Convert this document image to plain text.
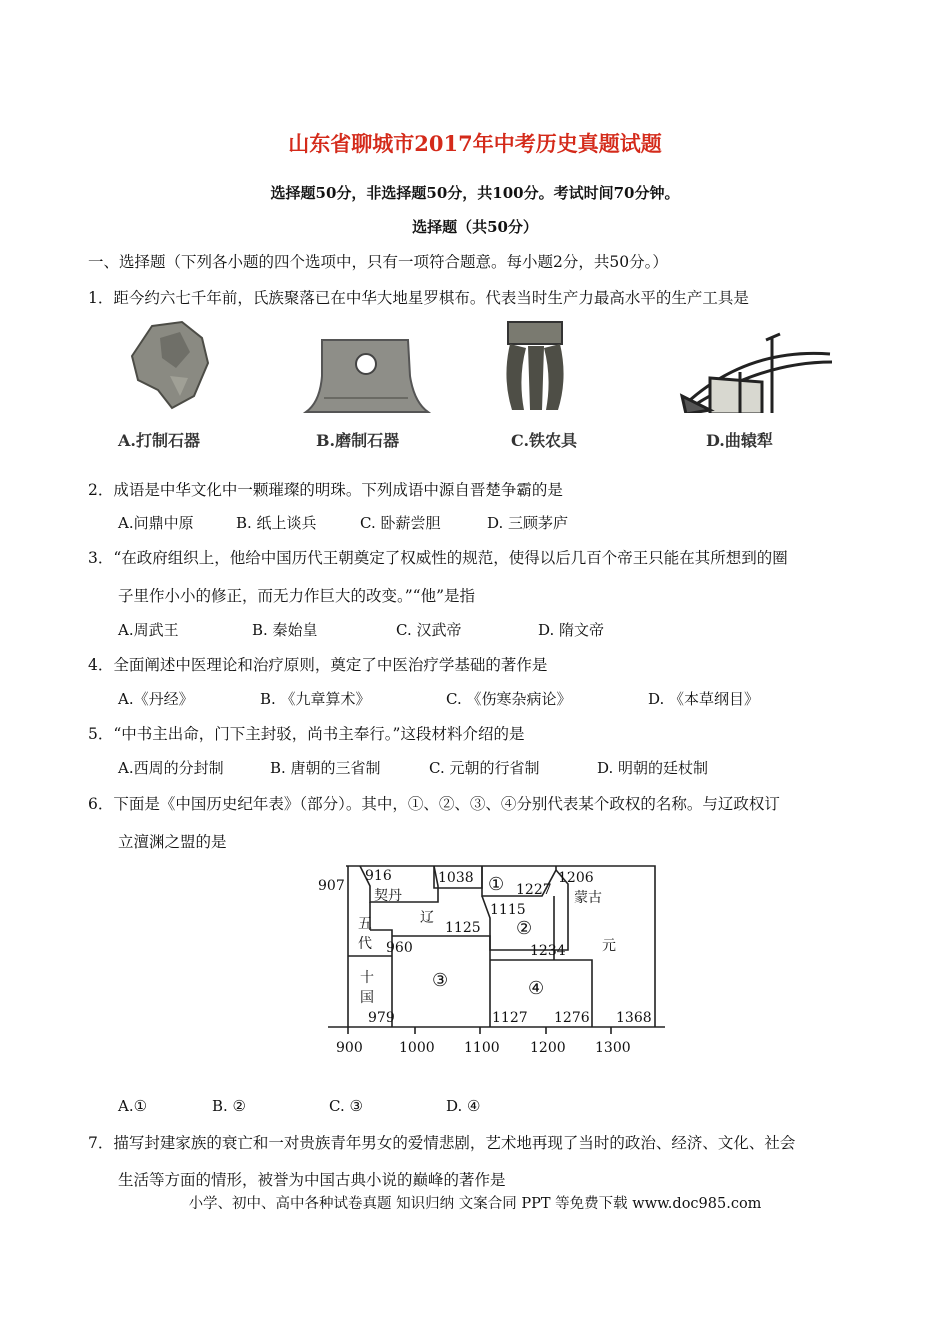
山东省聊城市2017年中考历史真题试题
选择题50分，非选择题50分，共100分。考试时间70分钟。
选择题（共50分）
一、选择题（下列各小题的四个选项中，只有一项符合题意。每小题2分，共50分。）
1．距今约六七千年前，氏族聚落已在中华大地星罗棋布。代表当时生产力最高水平的生产工具是
A.打制石器	B.磨制石器	C.铁农具	D.曲辕犁
2．成语是中华文化中一颗璀璨的明珠。下列成语中源自晋楚争霸的是
A.问鼎中原	B. 纸上谈兵	C. 卧薪尝胆	D. 三顾茅庐
3．“在政府组织上，他给中国历代王朝奠定了权威性的规范，使得以后几百个帝王只能在其所想到的圈
子里作小小的修正，而无力作巨大的改变。”“他”是指
A.周武王	B. 秦始皇	C. 汉武帝	D. 隋文帝
4．全面阐述中医理论和治疗原则，奠定了中医治疗学基础的著作是
A.《丹经》	B. 《九章算术》	C. 《伤寒杂病论》	D. 《本草纲目》
5．“中书主出命，门下主封驳，尚书主奉行。”这段材料介绍的是
A.西周的分封制	B. 唐朝的三省制	C. 元朝的行省制	D. 明朝的廷杖制
6．下面是《中国历史纪年表》（部分）。其中，①、②、③、④分别代表某个政权的名称。与辽政权订
立澶渊之盟的是
907
916	1038
1227
1206
1115
1125
1234
960
979	1127 1276 1368
契丹
辽
蒙古
元
五
代
十
国
①
②
③	④
900	1000 1100 1200 1300
A.①	B. ②	C. ③	D. ④
7．描写封建家族的衰亡和一对贵族青年男女的爱情悲剧，艺术地再现了当时的政治、经济、文化、社会
生活等方面的情形，被誉为中国古典小说的巅峰的著作是
小学、初中、高中各种试卷真题 知识归纳 文案合同 PPT 等免费下载 www.doc985.com
